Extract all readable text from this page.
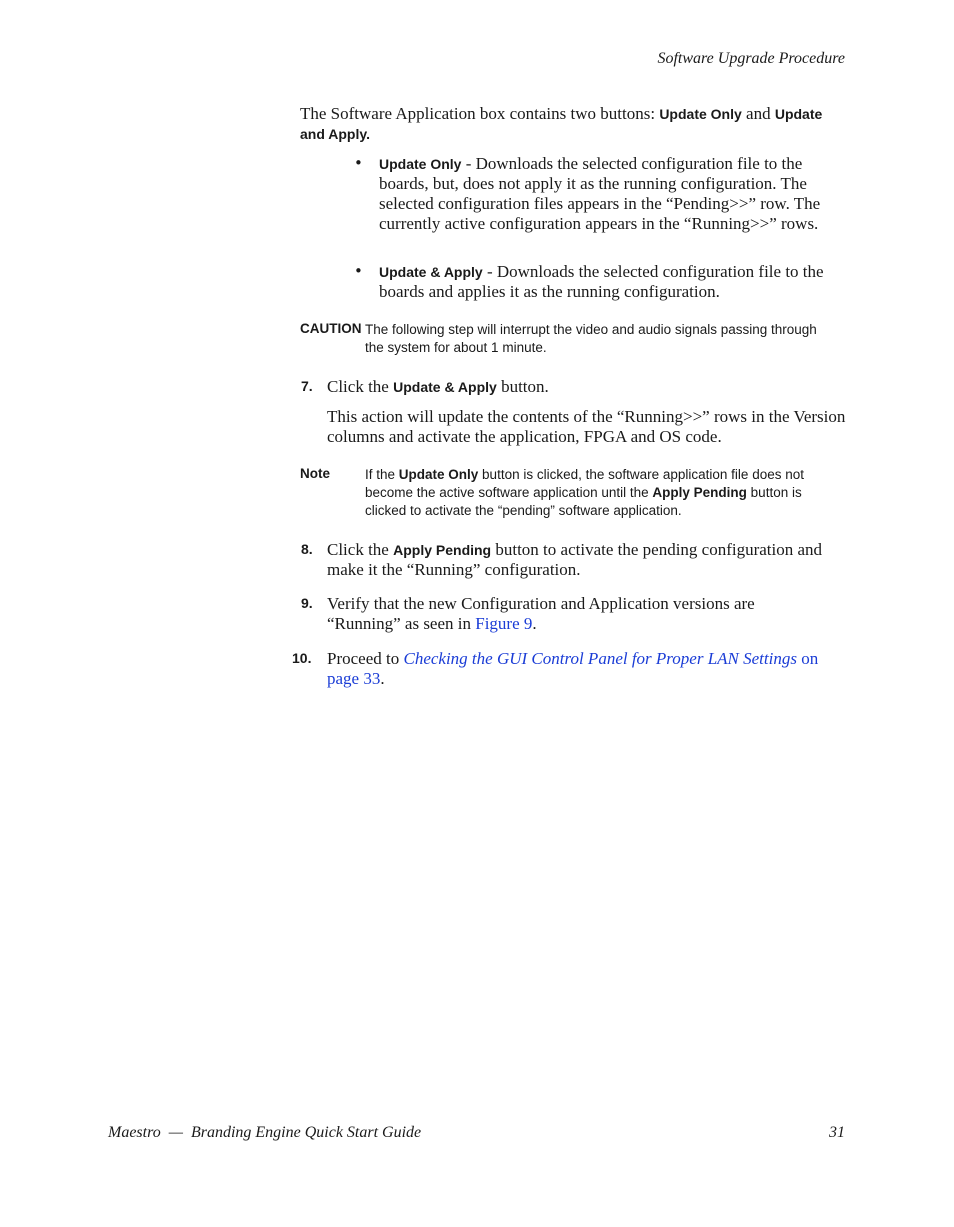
Software Upgrade Procedure
The Software Application box contains two buttons: Update Only and Update and Apply.
• Update Only - Downloads the selected configuration file to the boards, but, does not apply it as the running configuration. The selected configuration files appears in the “Pending>>” row. The currently active configuration appears in the “Running>>” rows.
• Update & Apply - Downloads the selected configuration file to the boards and applies it as the running configuration.
CAUTION The following step will interrupt the video and audio signals passing through the system for about 1 minute.
7. Click the Update & Apply button.
This action will update the contents of the “Running>>” rows in the Version columns and activate the application, FPGA and OS code.
Note	If the Update Only button is clicked, the software application file does not become the active software application until the Apply Pending button is clicked to activate the “pending” software application.
8. Click the Apply Pending button to activate the pending configuration and make it the “Running” configuration.
9. Verify that the new Configuration and Application versions are “Running” as seen in Figure 9.
10. Proceed to Checking the GUI Control Panel for Proper LAN Settings on page 33.
Maestro  —  Branding Engine Quick Start Guide	31
